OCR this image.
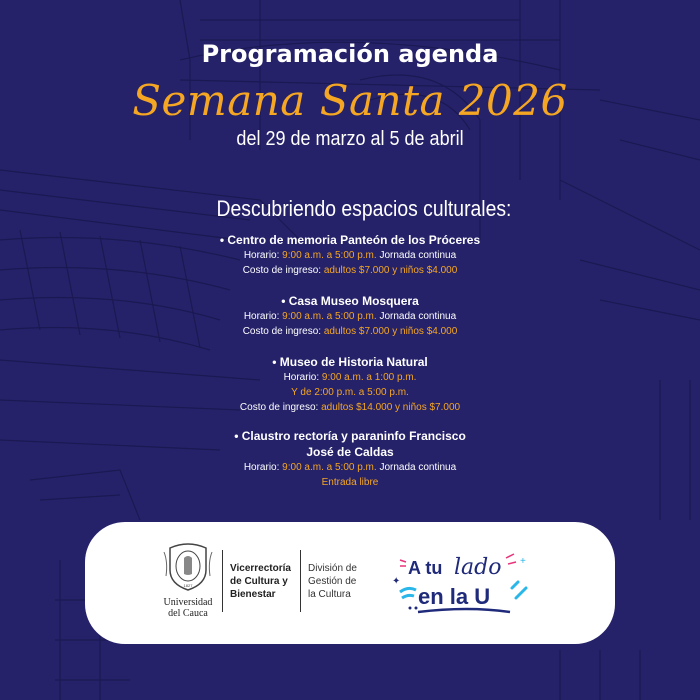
Programación agenda
Semana Santa 2026
del 29 de marzo al 5 de abril
Descubriendo espacios culturales:
• Centro de memoria Panteón de los Próceres
Horario: 9:00 a.m. a 5:00 p.m. Jornada continua
Costo de ingreso: adultos $7.000 y niños $4.000
• Casa Museo Mosquera
Horario: 9:00 a.m. a 5:00 p.m. Jornada continua
Costo de ingreso: adultos $7.000 y niños $4.000
• Museo de Historia Natural
Horario: 9:00 a.m. a 1:00 p.m.
Y de 2:00 p.m. a 5:00 p.m.
Costo de ingreso: adultos $14.000 y niños $7.000
• Claustro rectoría y paraninfo Francisco
José de Caldas
Horario: 9:00 a.m. a 5:00 p.m. Jornada continua
Entrada libre
1827
Universidad
del Cauca
Vicerrectoría
de Cultura y
Bienestar
División de
Gestión de
la Cultura
A tu lado +
✦
en la U
